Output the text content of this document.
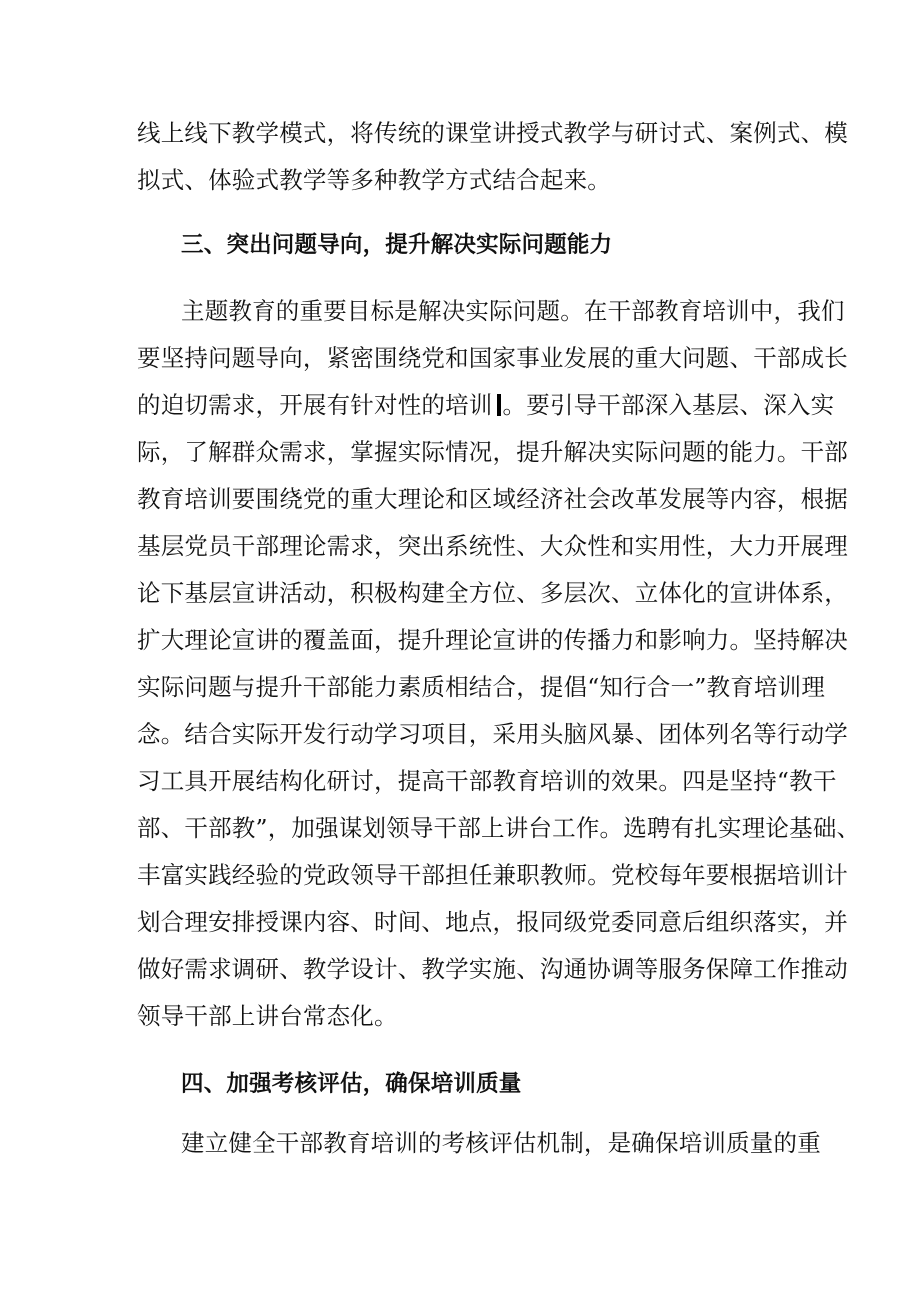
线上线下教学模式，将传统的课堂讲授式教学与研讨式、案例式、模
拟式、体验式教学等多种教学方式结合起来。
三、突出问题导向，提升解决实际问题能力
主题教育的重要目标是解决实际问题。在干部教育培训中，我们
要坚持问题导向，紧密围绕党和国家事业发展的重大问题、干部成长
的迫切需求，开展有针对性的培训 。要引导干部深入基层、深入实
际，了解群众需求，掌握实际情况，提升解决实际问题的能力。干部
教育培训要围绕党的重大理论和区域经济社会改革发展等内容，根据
基层党员干部理论需求，突出系统性、大众性和实用性，大力开展理
论下基层宣讲活动，积极构建全方位、多层次、立体化的宣讲体系，
扩大理论宣讲的覆盖面，提升理论宣讲的传播力和影响力。坚持解决
实际问题与提升干部能力素质相结合，提倡“知行合一”教育培训理
念。结合实际开发行动学习项目，采用头脑风暴、团体列名等行动学
习工具开展结构化研讨，提高干部教育培训的效果。四是坚持“教干
部、干部教”，加强谋划领导干部上讲台工作。选聘有扎实理论基础、
丰富实践经验的党政领导干部担任兼职教师。党校每年要根据培训计
划合理安排授课内容、时间、地点，报同级党委同意后组织落实，并
做好需求调研、教学设计、教学实施、沟通协调等服务保障工作推动
领导干部上讲台常态化。
四、加强考核评估，确保培训质量
建立健全干部教育培训的考核评估机制，是确保培训质量的重
